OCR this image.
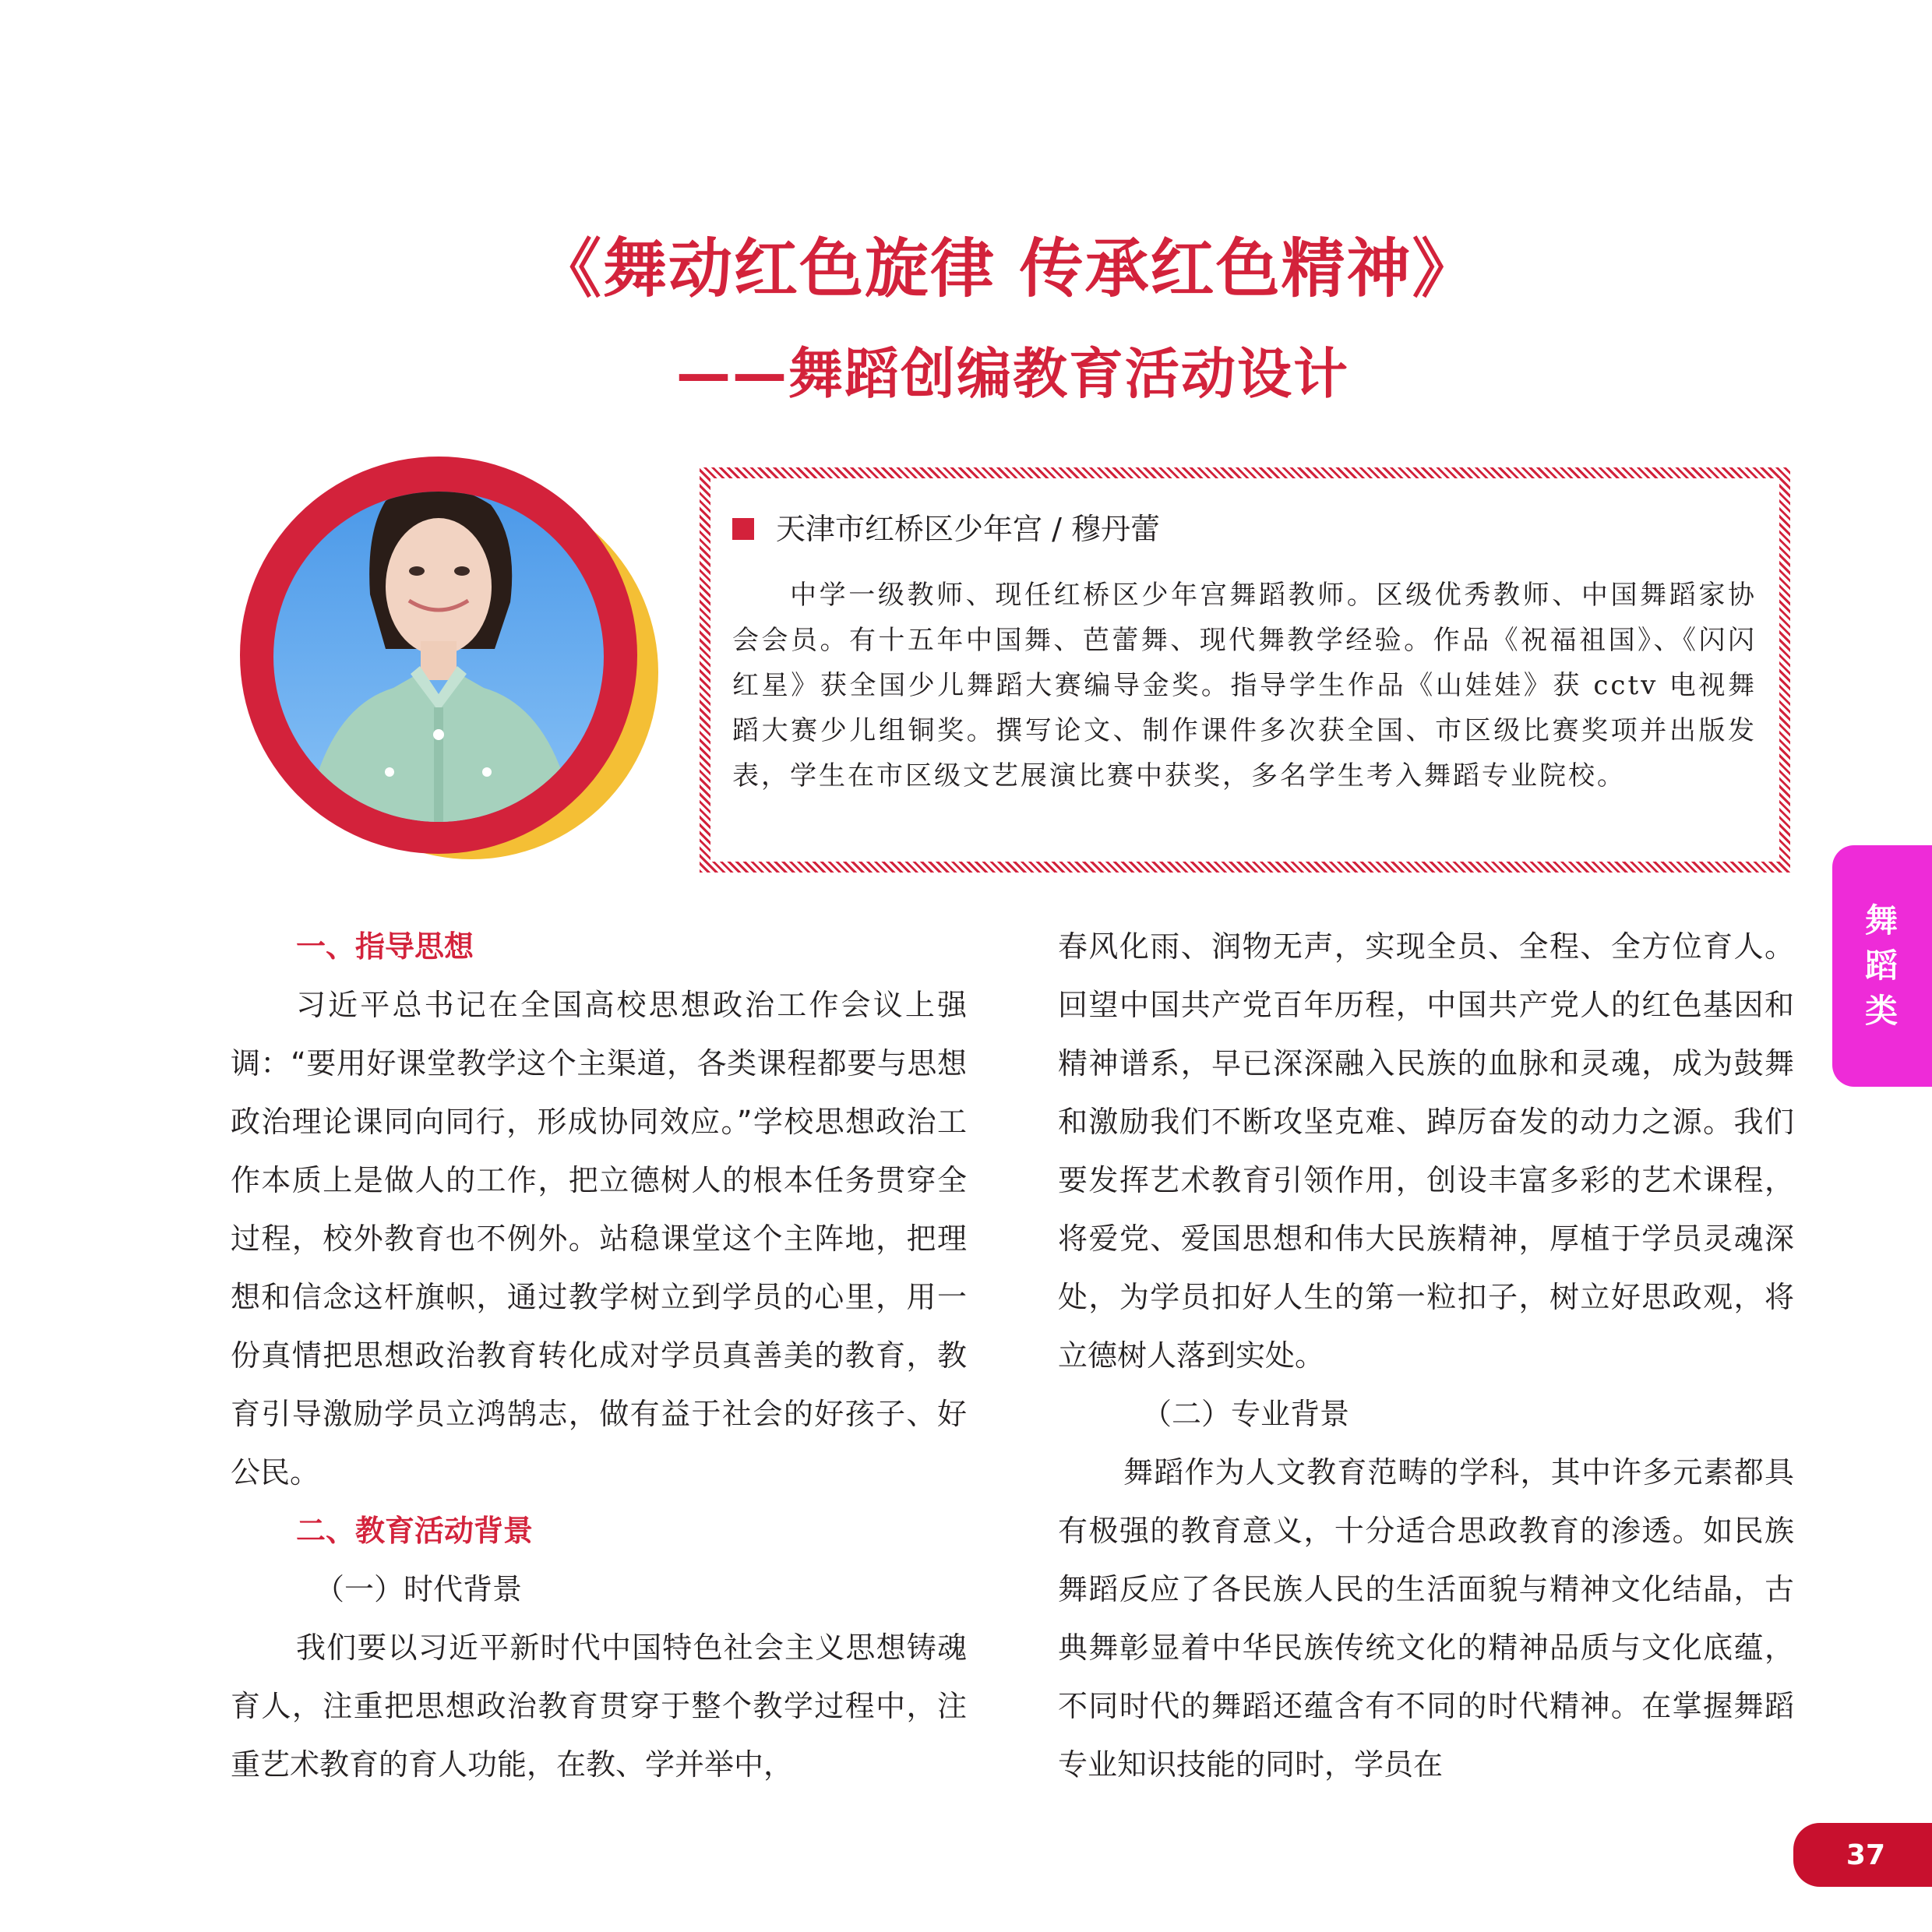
《舞动红色旋律 传承红色精神》
——舞蹈创编教育活动设计
天津市红桥区少年宫 / 穆丹蕾

中学一级教师、现任红桥区少年宫舞蹈教师。区级优秀教师、中国舞蹈家协会会员。有十五年中国舞、芭蕾舞、现代舞教学经验。作品《祝福祖国》、《闪闪红星》获全国少儿舞蹈大赛编导金奖。指导学生作品《山娃娃》获 cctv 电视舞蹈大赛少儿组铜奖。撰写论文、制作课件多次获全国、市区级比赛奖项并出版发表，学生在市区级文艺展演比赛中获奖，多名学生考入舞蹈专业院校。

一、指导思想

习近平总书记在全国高校思想政治工作会议上强调：“要用好课堂教学这个主渠道，各类课程都要与思想政治理论课同向同行，形成协同效应。”学校思想政治工作本质上是做人的工作，把立德树人的根本任务贯穿全过程，校外教育也不例外。站稳课堂这个主阵地，把理想和信念这杆旗帜，通过教学树立到学员的心里，用一份真情把思想政治教育转化成对学员真善美的教育，教育引导激励学员立鸿鹄志，做有益于社会的好孩子、好公民。

二、教育活动背景

（一）时代背景

我们要以习近平新时代中国特色社会主义思想铸魂育人，注重把思想政治教育贯穿于整个教学过程中，注重艺术教育的育人功能，在教、学并举中，

春风化雨、润物无声，实现全员、全程、全方位育人。回望中国共产党百年历程，中国共产党人的红色基因和精神谱系，早已深深融入民族的血脉和灵魂，成为鼓舞和激励我们不断攻坚克难、踔厉奋发的动力之源。我们要发挥艺术教育引领作用，创设丰富多彩的艺术课程，将爱党、爱国思想和伟大民族精神，厚植于学员灵魂深处，为学员扣好人生的第一粒扣子，树立好思政观，将立德树人落到实处。

（二）专业背景

舞蹈作为人文教育范畴的学科，其中许多元素都具有极强的教育意义，十分适合思政教育的渗透。如民族舞蹈反应了各民族人民的生活面貌与精神文化结晶，古典舞彰显着中华民族传统文化的精神品质与文化底蕴，不同时代的舞蹈还蕴含有不同的时代精神。在掌握舞蹈专业知识技能的同时，学员在

舞
蹈
类
37
